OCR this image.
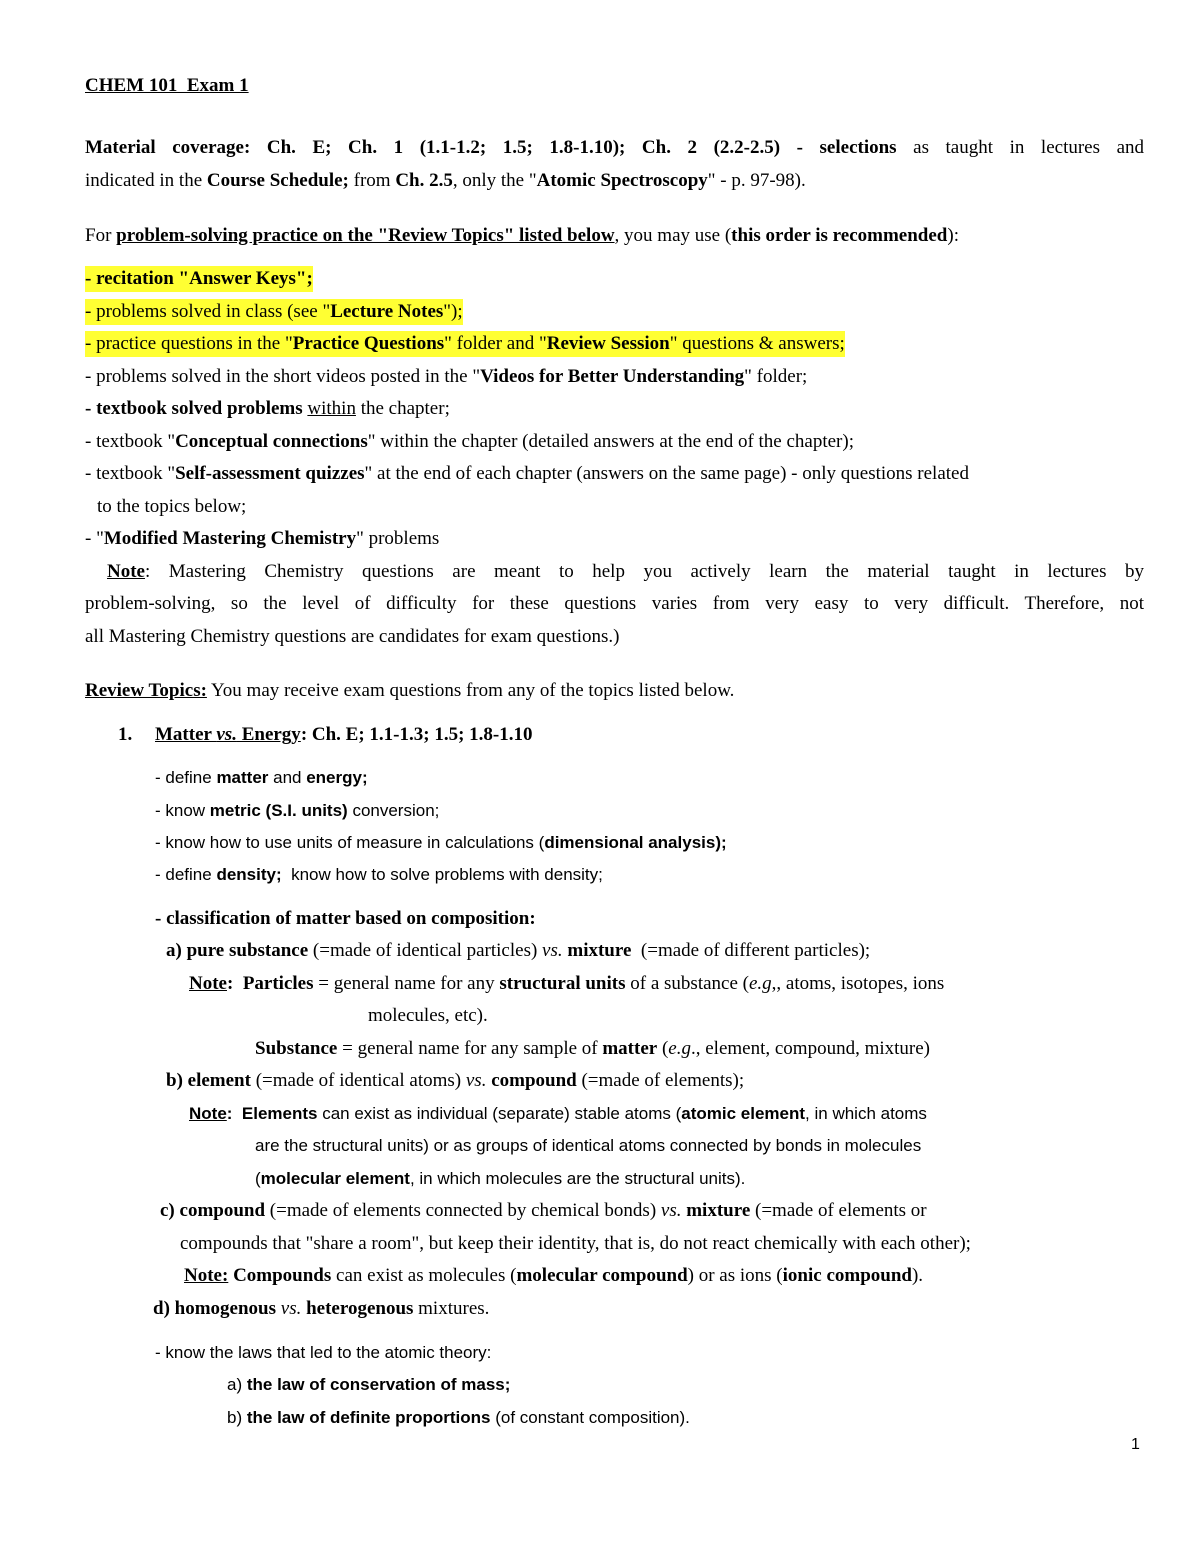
CHEM 101  Exam 1
Material coverage: Ch. E; Ch. 1 (1.1-1.2; 1.5; 1.8-1.10); Ch. 2 (2.2-2.5) - selections as taught in lectures and
indicated in the Course Schedule; from Ch. 2.5, only the "Atomic Spectroscopy" - p. 97-98).
For problem-solving practice on the "Review Topics" listed below, you may use (this order is recommended):
- recitation "Answer Keys";
- problems solved in class (see "Lecture Notes");
- practice questions in the "Practice Questions" folder and "Review Session" questions & answers;
- problems solved in the short videos posted in the "Videos for Better Understanding" folder;
- textbook solved problems within the chapter;
- textbook "Conceptual connections" within the chapter (detailed answers at the end of the chapter);
- textbook "Self-assessment quizzes" at the end of each chapter (answers on the same page) - only questions related
to the topics below;
- "Modified Mastering Chemistry" problems
Note: Mastering Chemistry questions are meant to help you actively learn the material taught in lectures by
problem-solving, so the level of difficulty for these questions varies from very easy to very difficult. Therefore, not
all Mastering Chemistry questions are candidates for exam questions.)
Review Topics: You may receive exam questions from any of the topics listed below.
1. Matter vs. Energy: Ch. E; 1.1-1.3; 1.5; 1.8-1.10
- define matter and energy;
- know metric (S.I. units) conversion;
- know how to use units of measure in calculations (dimensional analysis);
- define density;  know how to solve problems with density;
- classification of matter based on composition:
a) pure substance (=made of identical particles) vs. mixture  (=made of different particles);
Note:  Particles = general name for any structural units of a substance (e.g,, atoms, isotopes, ions
molecules, etc).
Substance = general name for any sample of matter (e.g., element, compound, mixture)
b) element (=made of identical atoms) vs. compound (=made of elements);
Note:  Elements can exist as individual (separate) stable atoms (atomic element, in which atoms
are the structural units) or as groups of identical atoms connected by bonds in molecules
(molecular element, in which molecules are the structural units).
c) compound (=made of elements connected by chemical bonds) vs. mixture (=made of elements or
compounds that "share a room", but keep their identity, that is, do not react chemically with each other);
Note: Compounds can exist as molecules (molecular compound) or as ions (ionic compound).
d) homogenous vs. heterogenous mixtures.
- know the laws that led to the atomic theory:
a) the law of conservation of mass;
b) the law of definite proportions (of constant composition).
1
